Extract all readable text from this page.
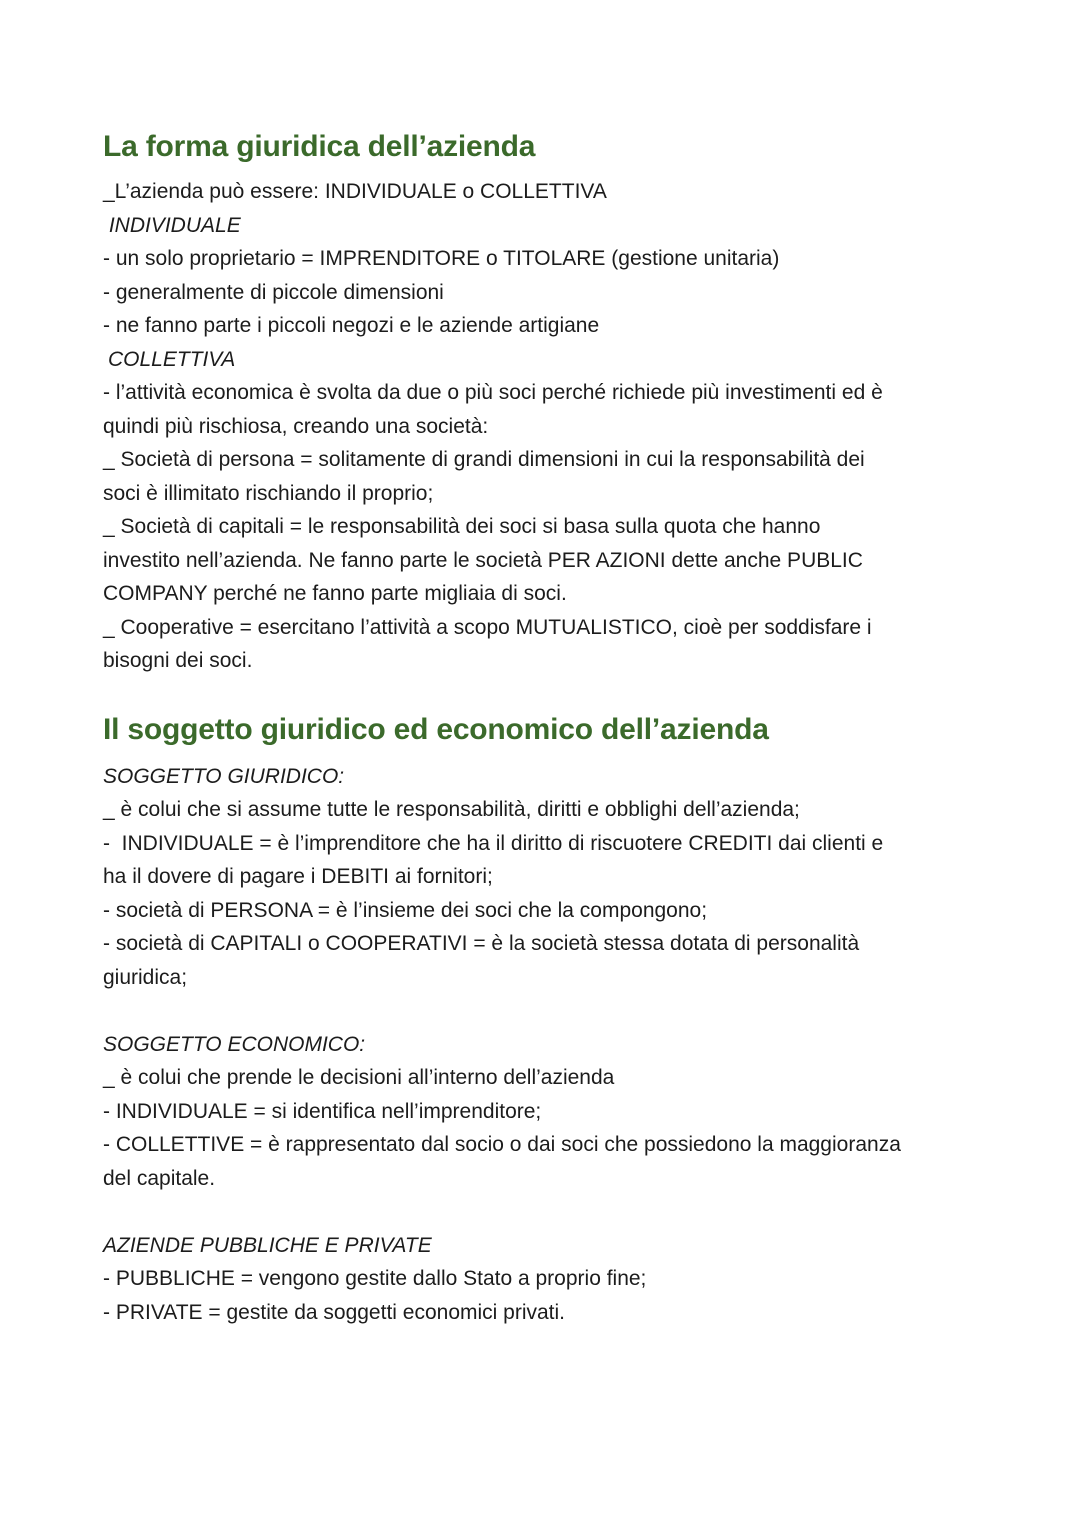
La forma giuridica dell’azienda

_L’azienda può essere: INDIVIDUALE o COLLETTIVA

INDIVIDUALE

- un solo proprietario = IMPRENDITORE o TITOLARE (gestione unitaria)

- generalmente di piccole dimensioni

- ne fanno parte i piccoli negozi e le aziende artigiane

COLLETTIVA

- l’attività economica è svolta da due o più soci perché richiede più investimenti ed è

quindi più rischiosa, creando una società:

_ Società di persona = solitamente di grandi dimensioni in cui la responsabilità dei

soci è illimitato rischiando il proprio;

_ Società di capitali = le responsabilità dei soci si basa sulla quota che hanno

investito nell’azienda. Ne fanno parte le società PER AZIONI dette anche PUBLIC

COMPANY perché ne fanno parte migliaia di soci.

_ Cooperative = esercitano l’attività a scopo MUTUALISTICO, cioè per soddisfare i

bisogni dei soci.

Il soggetto giuridico ed economico dell’azienda

SOGGETTO GIURIDICO:

_ è colui che si assume tutte le responsabilità, diritti e obblighi dell’azienda;

-  INDIVIDUALE = è l’imprenditore che ha il diritto di riscuotere CREDITI dai clienti e

ha il dovere di pagare i DEBITI ai fornitori;

- società di PERSONA = è l’insieme dei soci che la compongono;

- società di CAPITALI o COOPERATIVI = è la società stessa dotata di personalità

giuridica;

SOGGETTO ECONOMICO:

_ è colui che prende le decisioni all’interno dell’azienda

- INDIVIDUALE = si identifica nell’imprenditore;

- COLLETTIVE = è rappresentato dal socio o dai soci che possiedono la maggioranza

del capitale.

AZIENDE PUBBLICHE E PRIVATE

- PUBBLICHE = vengono gestite dallo Stato a proprio fine;

- PRIVATE = gestite da soggetti economici privati.
